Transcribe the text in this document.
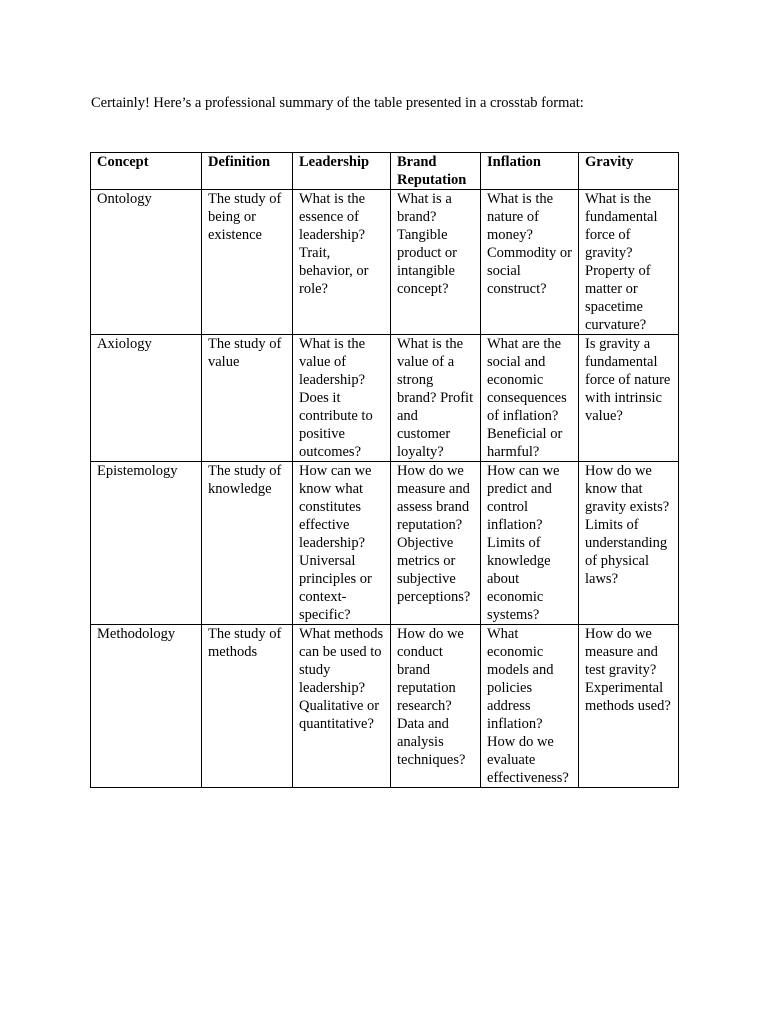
Certainly! Here’s a professional summary of the table presented in a crosstab format:

Concept	Definition	Leadership	Brand Reputation	Inflation	Gravity
Ontology	The study of being or existence	What is the essence of leadership? Trait, behavior, or role?	What is a brand? Tangible product or intangible concept?	What is the nature of money? Commodity or social construct?	What is the fundamental force of gravity? Property of matter or spacetime curvature?
Axiology	The study of value	What is the value of leadership? Does it contribute to positive outcomes?	What is the value of a strong brand? Profit and customer loyalty?	What are the social and economic consequences of inflation? Beneficial or harmful?	Is gravity a fundamental force of nature with intrinsic value?
Epistemology	The study of knowledge	How can we know what constitutes effective leadership? Universal principles or context-specific?	How do we measure and assess brand reputation? Objective metrics or subjective perceptions?	How can we predict and control inflation? Limits of knowledge about economic systems?	How do we know that gravity exists? Limits of understanding of physical laws?
Methodology	The study of methods	What methods can be used to study leadership? Qualitative or quantitative?	How do we conduct brand reputation research? Data and analysis techniques?	What economic models and policies address inflation? How do we evaluate effectiveness?	How do we measure and test gravity? Experimental methods used?
